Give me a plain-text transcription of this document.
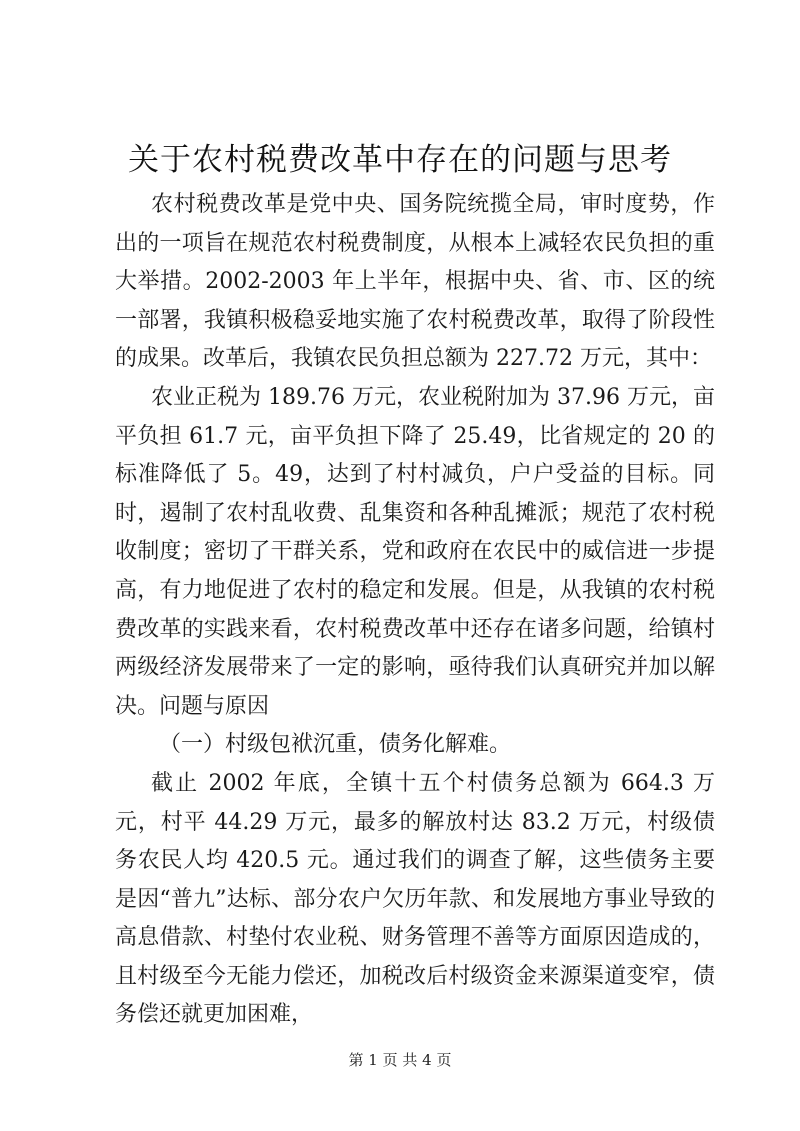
关于农村税费改革中存在的问题与思考

农村税费改革是党中央、国务院统揽全局，审时度势，作出的一项旨在规范农村税费制度，从根本上减轻农民负担的重大举措。2002-2003 年上半年，根据中央、省、市、区的统一部署，我镇积极稳妥地实施了农村税费改革，取得了阶段性的成果。改革后，我镇农民负担总额为 227.72 万元，其中：

农业正税为 189.76 万元，农业税附加为 37.96 万元，亩平负担 61.7 元，亩平负担下降了 25.49，比省规定的 20 的标准降低了 5。49，达到了村村减负，户户受益的目标。同时，遏制了农村乱收费、乱集资和各种乱摊派；规范了农村税收制度；密切了干群关系，党和政府在农民中的威信进一步提高，有力地促进了农村的稳定和发展。但是，从我镇的农村税费改革的实践来看，农村税费改革中还存在诸多问题，给镇村两级经济发展带来了一定的影响，亟待我们认真研究并加以解决。问题与原因

（一）村级包袱沉重，债务化解难。

截止 2002 年底，全镇十五个村债务总额为 664.3 万元，村平 44.29 万元，最多的解放村达 83.2 万元，村级债务农民人均 420.5 元。通过我们的调查了解，这些债务主要是因“普九”达标、部分农户欠历年款、和发展地方事业导致的高息借款、村垫付农业税、财务管理不善等方面原因造成的，且村级至今无能力偿还，加税改后村级资金来源渠道变窄，债务偿还就更加困难，

第 1 页 共 4 页
